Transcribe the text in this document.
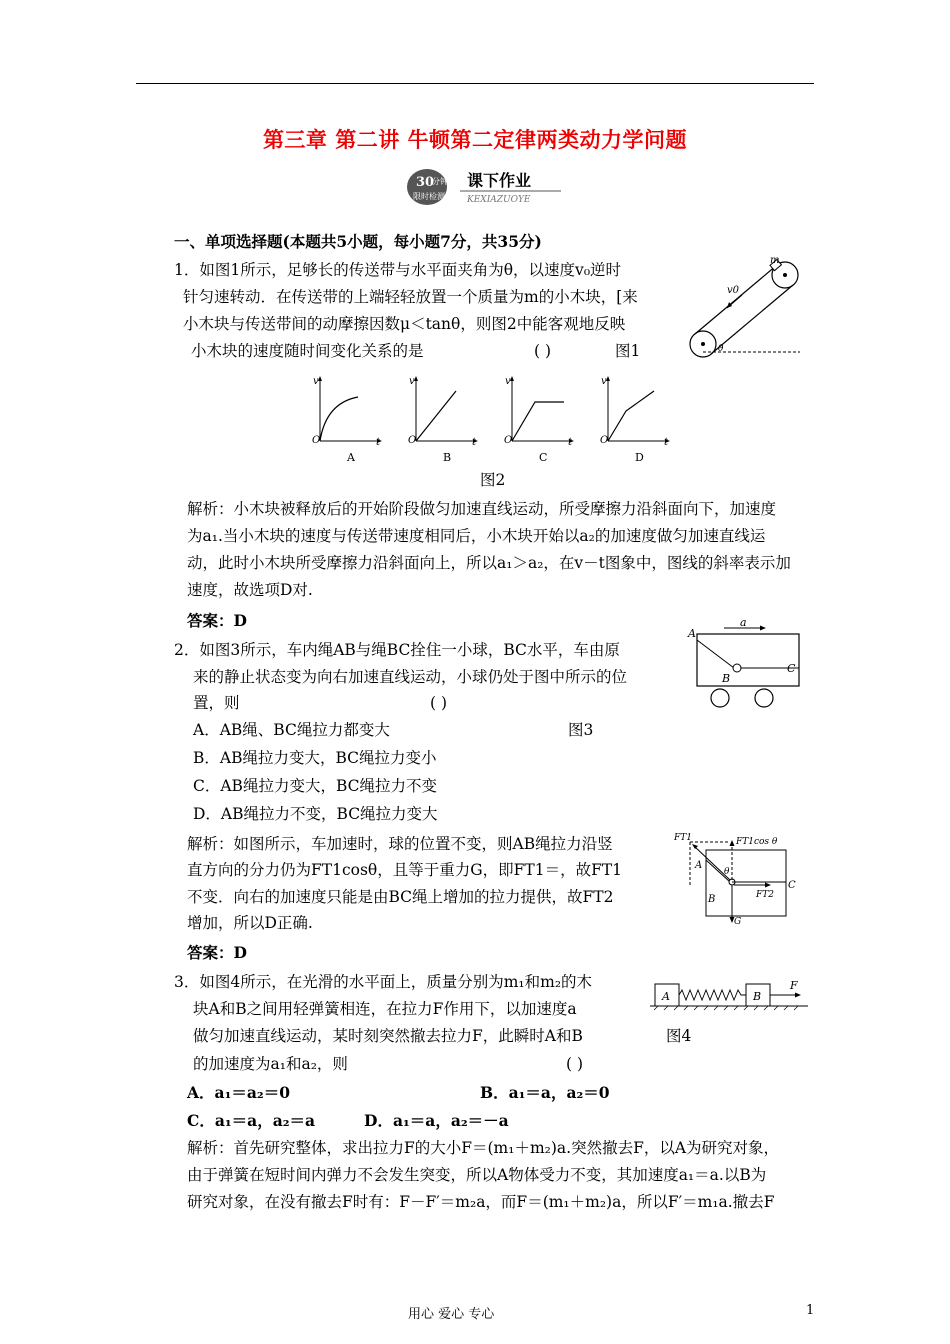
第三章 第二讲 牛顿第二定律两类动力学问题
30
分钟
限时检测
课下作业
KEXIAZUOYE
一、单项选择题(本题共5小题，每小题7分，共35分)
1．如图1所示，足够长的传送带与水平面夹角为θ，以速度v₀逆时
针匀速转动．在传送带的上端轻轻放置一个质量为m的小木块，[来
小木块与传送带间的动摩擦因数μ＜tanθ，则图2中能客观地反映
小木块的速度随时间变化关系的是	( )	图1
v0
m
θ
v
O	t
A
v
O	t
B
v
O	t
C
v
O	t
D
图2
解析：小木块被释放后的开始阶段做匀加速直线运动，所受摩擦力沿斜面向下，加速度
为a₁.当小木块的速度与传送带速度相同后，小木块开始以a₂的加速度做匀加速直线运
动，此时小木块所受摩擦力沿斜面向上，所以a₁＞a₂，在v－t图象中，图线的斜率表示加
速度，故选项D对.
答案：D
2．如图3所示，车内绳AB与绳BC拴住一小球，BC水平，车由原
来的静止状态变为向右加速直线运动，小球仍处于图中所示的位
置，则	( )
A．AB绳、BC绳拉力都变大	图3
B．AB绳拉力变大，BC绳拉力变小
C．AB绳拉力变大，BC绳拉力不变
D．AB绳拉力不变，BC绳拉力变大
a
A
B
C
解析：如图所示，车加速时，球的位置不变，则AB绳拉力沿竖
直方向的分力仍为FT1cosθ，且等于重力G，即FT1＝，故FT1
不变．向右的加速度只能是由BC绳上增加的拉力提供，故FT2
增加，所以D正确.
答案：D
FT1	FT1cos θ
A
θ
B	FT2
C
G
3．如图4所示，在光滑的水平面上，质量分别为m₁和m₂的木
块A和B之间用轻弹簧相连，在拉力F作用下，以加速度a
做匀加速直线运动，某时刻突然撤去拉力F，此瞬时A和B	图4
的加速度为a₁和a₂，则	( )
A	B
F
A．a₁＝a₂＝0	B．a₁＝a，a₂＝0
C．a₁＝a，a₂＝a	D．a₁＝a，a₂＝－a
解析：首先研究整体，求出拉力F的大小F＝(m₁＋m₂)a.突然撤去F，以A为研究对象，
由于弹簧在短时间内弹力不会发生突变，所以A物体受力不变，其加速度a₁＝a.以B为
研究对象，在没有撤去F时有：F－F′＝m₂a，而F＝(m₁＋m₂)a，所以F′＝m₁a.撤去F
用心 爱心 专心	1
